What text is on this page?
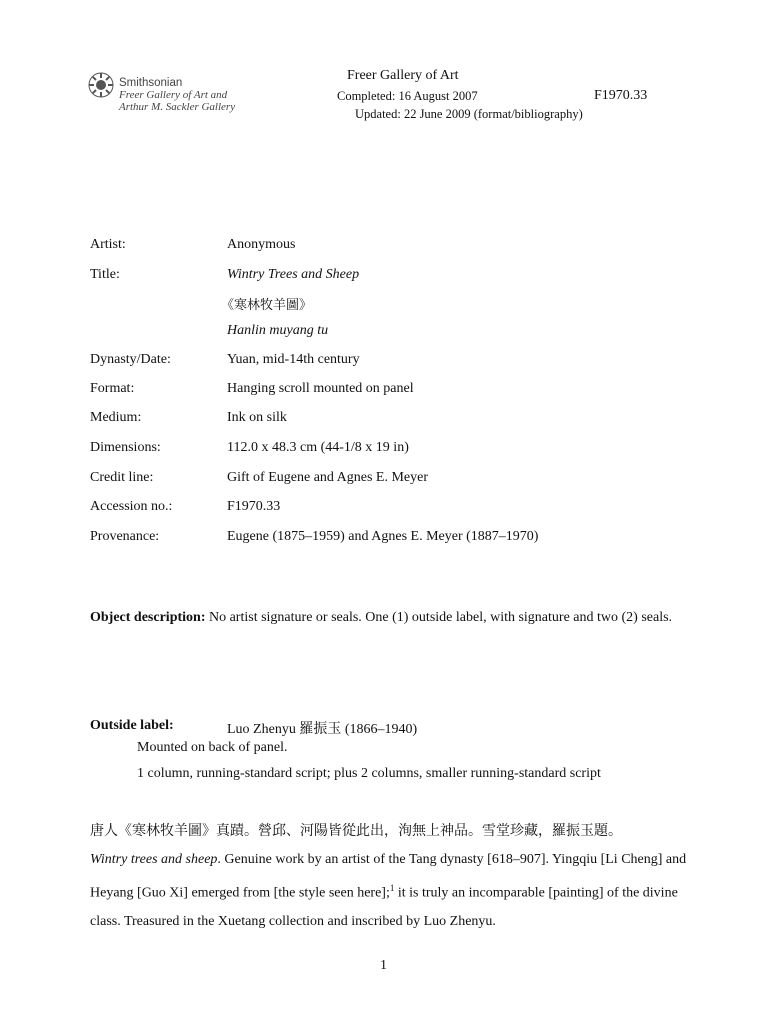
Smithsonian
Freer Gallery of Art and
Arthur M. Sackler Gallery
Freer Gallery of Art
Completed: 16 August 2007	F1970.33
Updated: 22 June 2009 (format/bibliography)
Artist:	Anonymous
Title:	Wintry Trees and Sheep
《寒林牧羊圖》
Hanlin muyang tu
Dynasty/Date:	Yuan, mid-14th century
Format:	Hanging scroll mounted on panel
Medium:	Ink on silk
Dimensions:	112.0 x 48.3 cm (44-1/8 x 19 in)
Credit line:	Gift of Eugene and Agnes E. Meyer
Accession no.:	F1970.33
Provenance:	Eugene (1875–1959) and Agnes E. Meyer (1887–1970)
Object description: No artist signature or seals. One (1) outside label, with signature and two (2) seals.
Outside label:	Luo Zhenyu 羅振玉 (1866–1940)
Mounted on back of panel.
1 column, running-standard script; plus 2 columns, smaller running-standard script
唐人《寒林牧羊圖》真蹟。營邱、河陽皆從此出，洵無上神品。雪堂珍藏，羅振玉題。
Wintry trees and sheep. Genuine work by an artist of the Tang dynasty [618–907]. Yingqiu [Li Cheng] and Heyang [Guo Xi] emerged from [the style seen here];$^1$ it is truly an incomparable [painting] of the divine class. Treasured in the Xuetang collection and inscribed by Luo Zhenyu.
1
